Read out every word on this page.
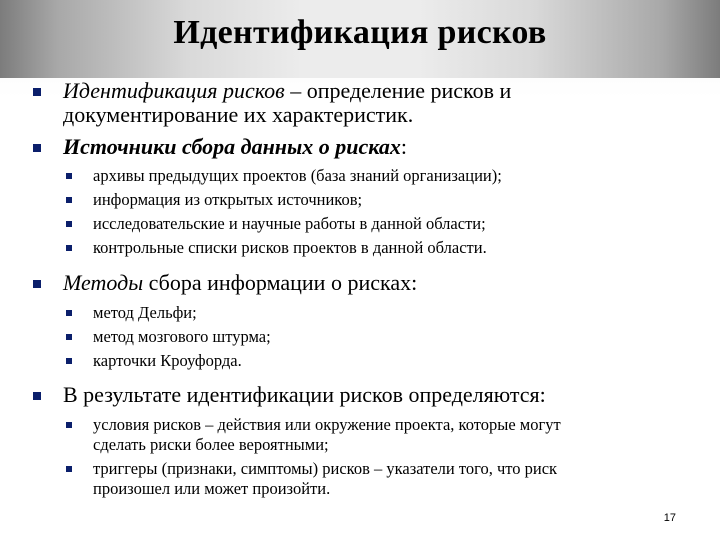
Идентификация рисков
Идентификация рисков – определение рисков и
документирование их характеристик.
Источники сбора данных о рисках:
архивы предыдущих проектов (база знаний организации);
информация из открытых источников;
исследовательские и научные работы в данной области;
контрольные списки рисков проектов в данной области.
Методы сбора информации о рисках:
метод Дельфи;
метод мозгового штурма;
карточки Кроуфорда.
В результате идентификации рисков определяются:
условия рисков – действия или окружение проекта, которые могут
сделать риски более вероятными;
триггеры (признаки, симптомы) рисков – указатели того, что риск
произошел или может произойти.
17
